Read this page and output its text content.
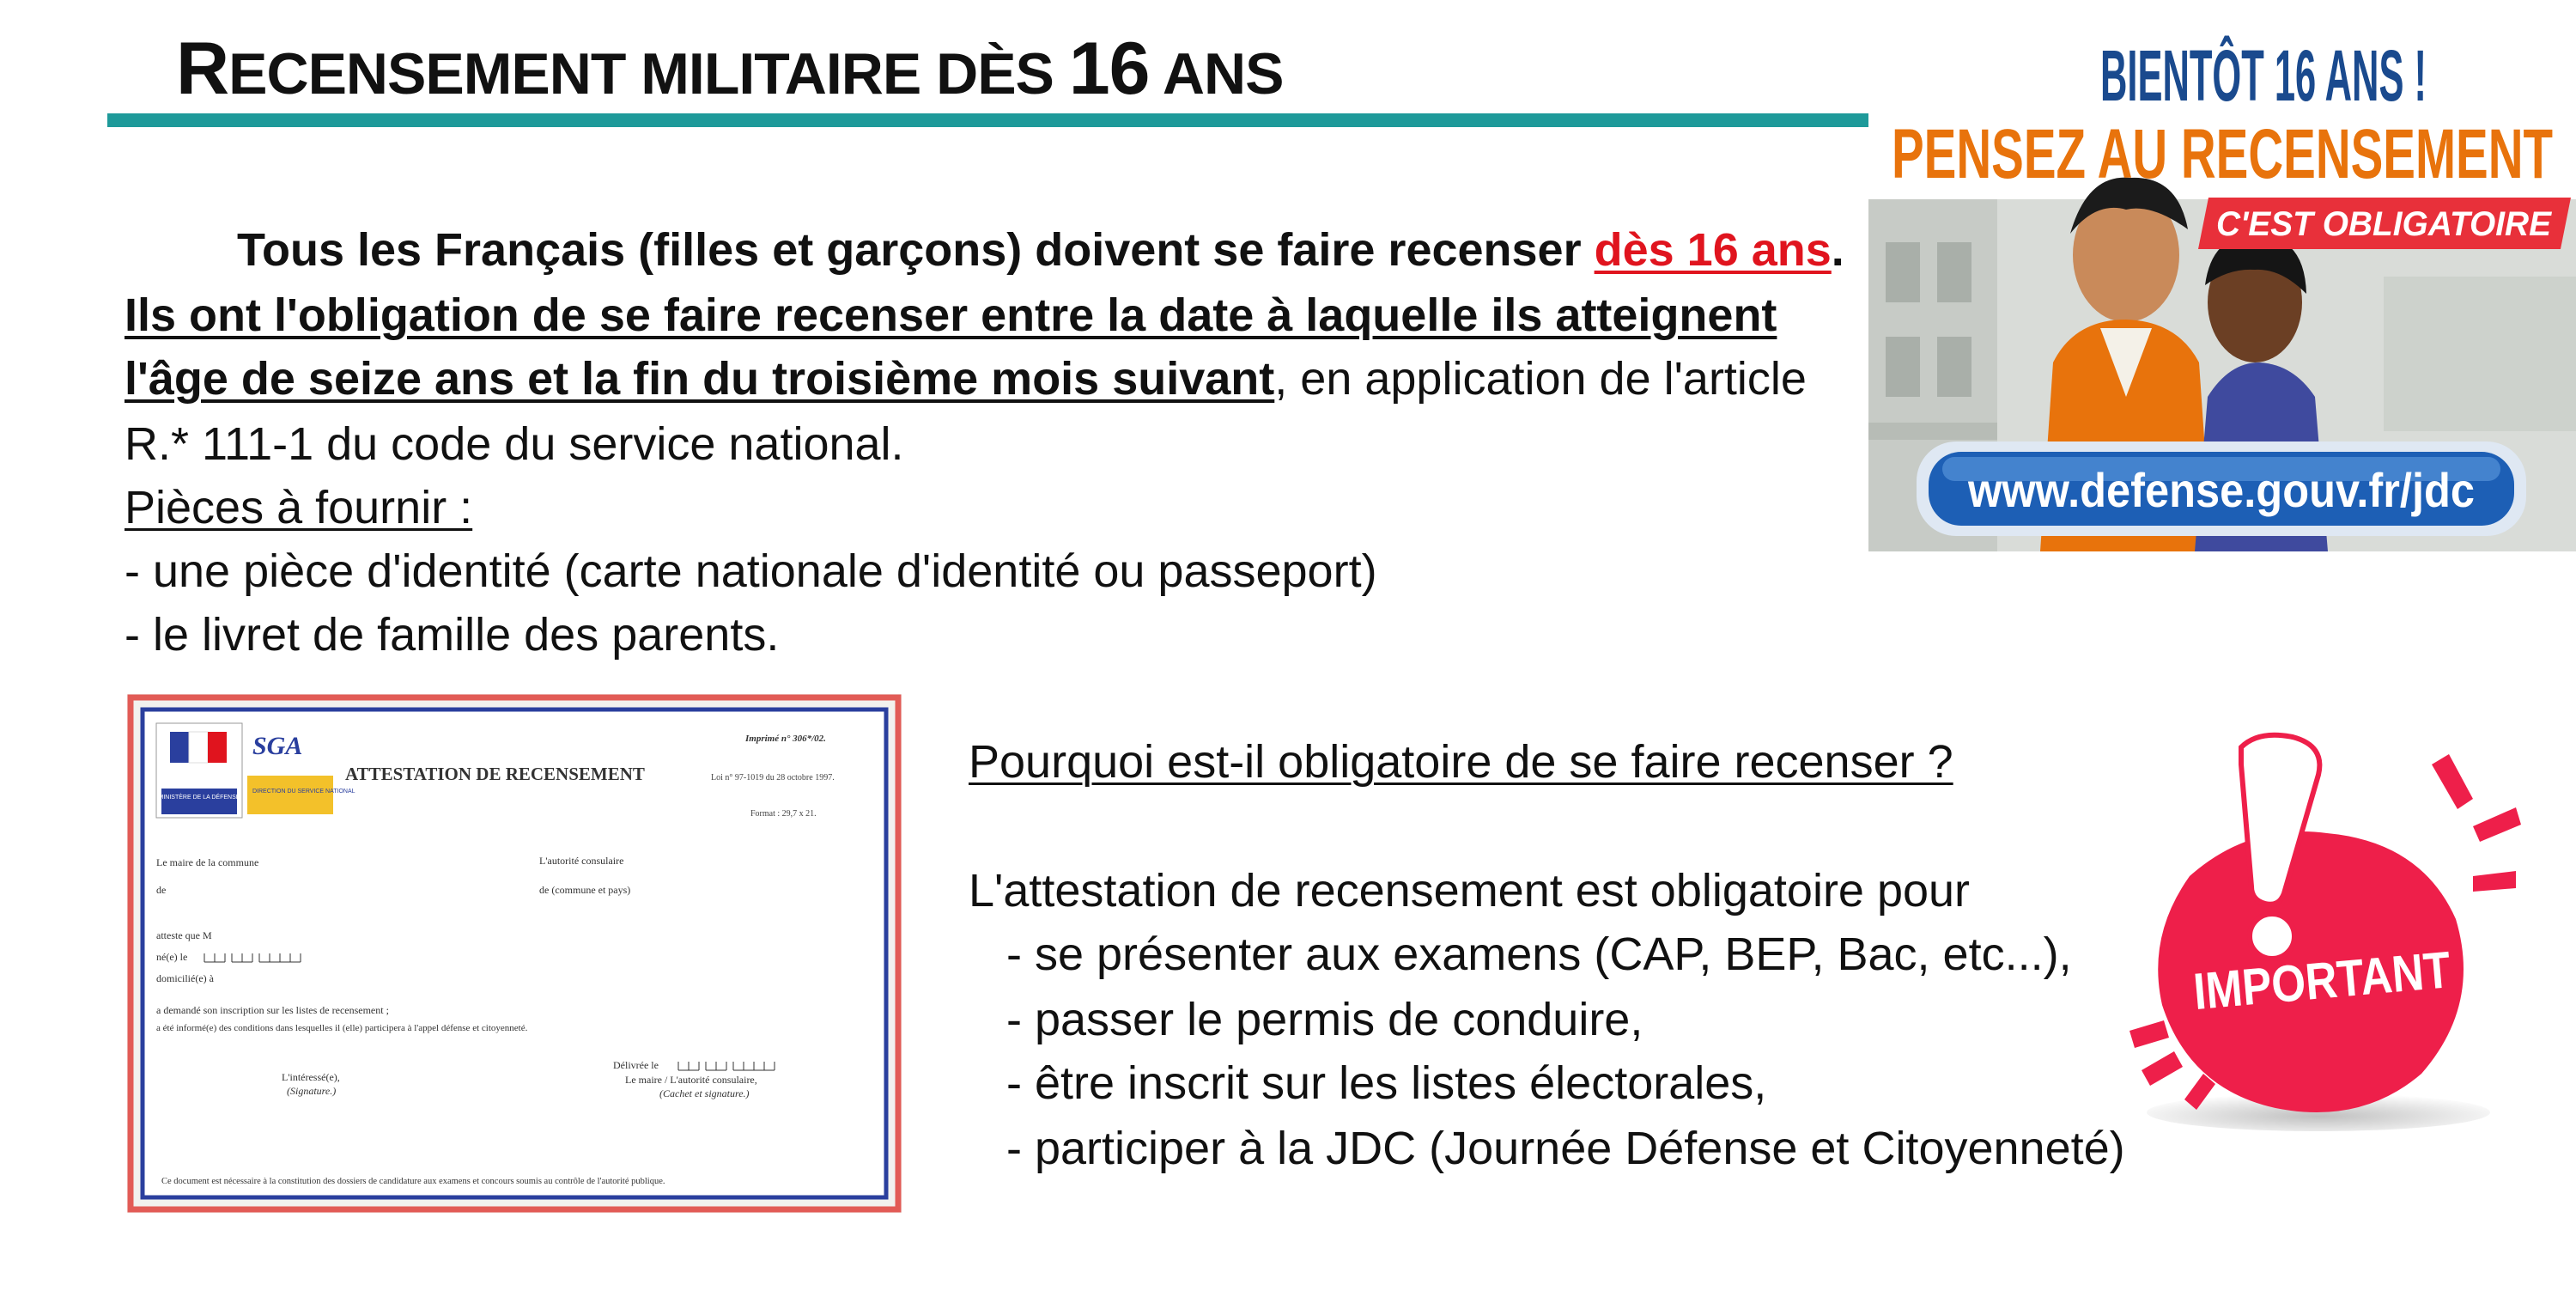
RECENSEMENT MILITAIRE DÈS 16 ANS
Tous les Français (filles et garçons) doivent se faire recenser dès 16 ans.
Ils ont l'obligation de se faire recenser entre la date à laquelle ils atteignent
l'âge de seize ans et la fin du troisième mois suivant, en application de l'article
R.* 111-1 du code du service national.
Pièces à fournir :
- une pièce d'identité (carte nationale d'identité ou passeport)
- le livret de famille des parents.
Pourquoi est-il obligatoire de se faire recenser ?
L'attestation de recensement est obligatoire pour
- se présenter aux examens (CAP, BEP, Bac, etc...),
- passer le permis de conduire,
- être inscrit sur les listes électorales,
- participer à la JDC (Journée Défense et Citoyenneté)
BIENTÔT 16 ANS !
PENSEZ AU RECENSEMENT
C'EST OBLIGATOIRE
www.defense.gouv.fr/jdc
MINISTÈRE DE LA DÉFENSE
SGA
DIRECTION DU SERVICE NATIONAL
Imprimé n° 306*/02.
ATTESTATION DE RECENSEMENT	Loi n° 97-1019 du 28 octobre 1997.
Format : 29,7 x 21.
Le maire de la commune	L'autorité consulaire
de	de (commune et pays)
atteste que M
né(e) le
domicilié(e) à
a demandé son inscription sur les listes de recensement ;
a été informé(e) des conditions dans lesquelles il (elle) participera à l'appel défense et citoyenneté.
L'intéressé(e),
(Signature.)
Délivrée le
Le maire / L'autorité consulaire,
(Cachet et signature.)
Ce document est nécessaire à la constitution des dossiers de candidature aux examens et concours soumis au contrôle de l'autorité publique.
IMPORTANT
